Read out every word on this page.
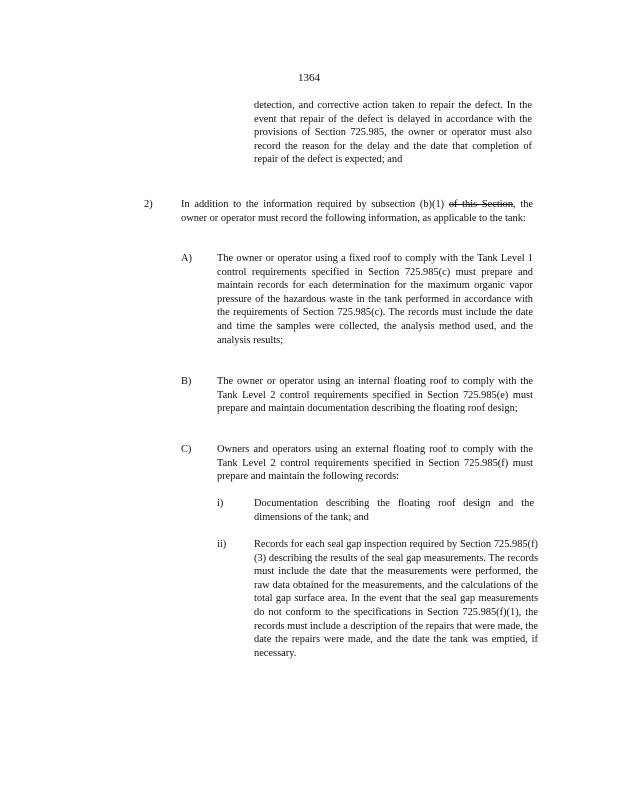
1364
detection, and corrective action taken to repair the defect. In the event that repair of the defect is delayed in accordance with the provisions of Section 725.985, the owner or operator must also record the reason for the delay and the date that completion of repair of the defect is expected; and
2)	In addition to the information required by subsection (b)(1) of this Section, the owner or operator must record the following information, as applicable to the tank:
A) The owner or operator using a fixed roof to comply with the Tank Level 1 control requirements specified in Section 725.985(c) must prepare and maintain records for each determination for the maximum organic vapor pressure of the hazardous waste in the tank performed in accordance with the requirements of Section 725.985(c). The records must include the date and time the samples were collected, the analysis method used, and the analysis results;
B) The owner or operator using an internal floating roof to comply with the Tank Level 2 control requirements specified in Section 725.985(e) must prepare and maintain documentation describing the floating roof design;
C) Owners and operators using an external floating roof to comply with the Tank Level 2 control requirements specified in Section 725.985(f) must prepare and maintain the following records:
i)	Documentation describing the floating roof design and the dimensions of the tank; and
ii)	Records for each seal gap inspection required by Section 725.985(f)(3) describing the results of the seal gap measurements. The records must include the date that the measurements were performed, the raw data obtained for the measurements, and the calculations of the total gap surface area. In the event that the seal gap measurements do not conform to the specifications in Section 725.985(f)(1), the records must include a description of the repairs that were made, the date the repairs were made, and the date the tank was emptied, if necessary.
